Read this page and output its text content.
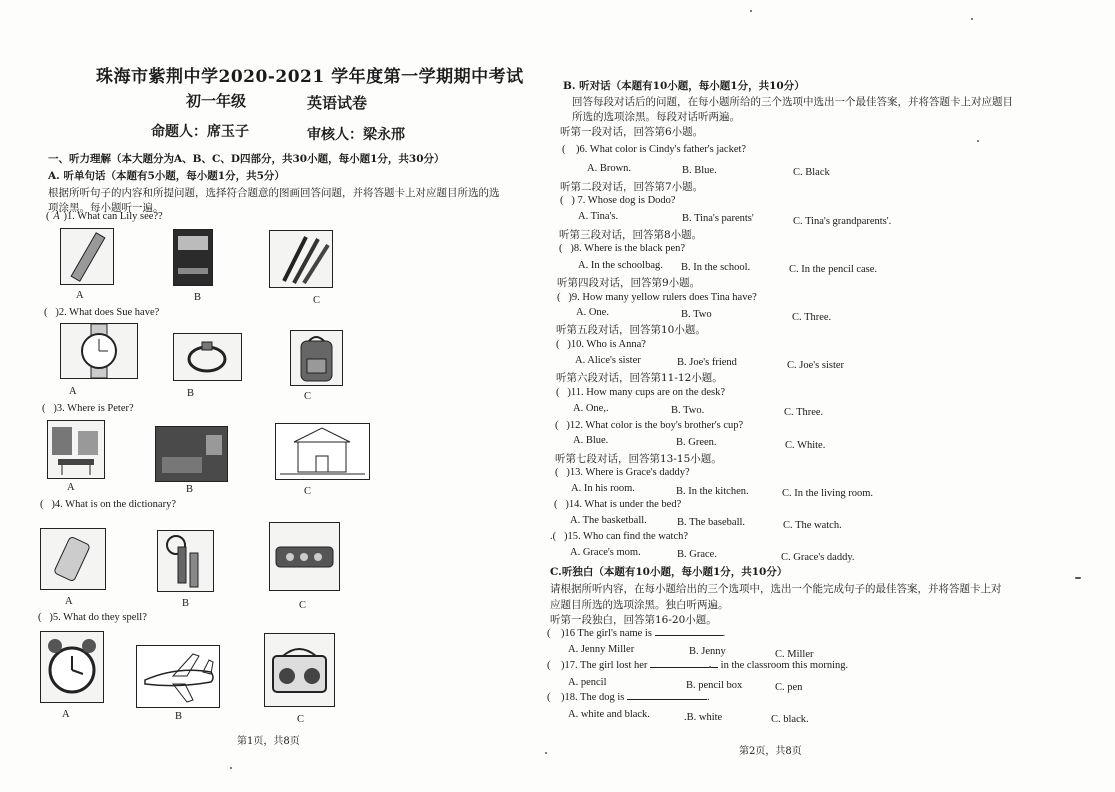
珠海市紫荆中学2020-2021 学年度第一学期期中考试
初一年级	英语试卷
命题人：席玉子	审核人：梁永邢
一、听力理解（本大题分为A、B、C、D四部分，共30小题，每小题1分，共30分）
A. 听单句话（本题有5小题，每小题1分，共5分）
根据所听句子的内容和所提问题，选择符合题意的图画回答问题，并将答题卡上对应题目所选的选
项涂黑。每小题听一遍。
( A )1. What can Lily see??
A	B	C
(   )2. What does Sue have?
A	B	C
(   )3. Where is Peter?
A	B	C
(   )4. What is on the dictionary?
A	B	C
(   )5. What do they spell?
A	B	C
第1页，共8页
B. 听对话（本题有10小题，每小题1分，共10分）
回答每段对话后的问题，在每小题所给的三个选项中选出一个最佳答案，并将答题卡上对应题目
所选的选项涂黑。每段对话听两遍。
听第一段对话，回答第6小题。
(    )6. What color is Cindy's father's jacket?
A. Brown.	B. Blue.	C. Black
听第二段对话，回答第7小题。
(   ) 7. Whose dog is Dodo?
A. Tina's.	B. Tina's parents'	C. Tina's grandparents'.
听第三段对话，回答第8小题。
(   )8. Where is the black pen?
A. In the schoolbag. B. In the school.	C. In the pencil case.
听第四段对话，回答第9小题。
(   )9. How many yellow rulers does Tina have?
A. One.	B. Two	C. Three.
听第五段对话，回答第10小题。
(   )10. Who is Anna?
A. Alice's sister	B. Joe's friend	C. Joe's sister
听第六段对话，回答第11-12小题。
(   )11. How many cups are on the desk?
A. One,.	B. Two.	C. Three.
(   )12. What color is the boy's brother's cup?
A. Blue.	B. Green.	C. White.
听第七段对话，回答第13-15小题。
(   )13. Where is Grace's daddy?
A. In his room.	B. In the kitchen.	C. In the living room.
(   )14. What is under the bed?
A. The basketball.	B. The baseball.	C. The watch.
.(   )15. Who can find the watch?
A. Grace's mom.	B. Grace.	C. Grace's daddy.
C.听独白（本题有10小题，每小题1分，共10分）
请根据所听内容，在每小题给出的三个选项中，选出一个能完成句子的最佳答案，并将答题卡上对
应题目所选的选项涂黑。独白听两遍。
听第一段独白，回答第16-20小题。
(    )16 The girl's name is	.
A. Jenny Miller	B. Jenny	C. Miller
(    )17. The girl lost her	in the classroom this morning.
A. pencil	B. pencil box	C. pen
(    )18. The dog is	.
A. white and black.	.B. white	C. black.
第2页，共8页
